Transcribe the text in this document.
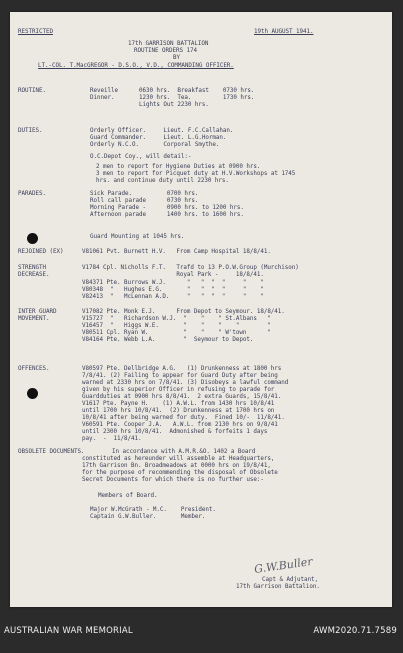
RESTRICTED	19th AUGUST 1941.
17th GARRISON BATTALION
ROUTINE ORDERS 174
BY
LT.-COL. T.MacGREGOR - D.S.O., V.D., COMMANDING OFFICER.
ROUTINE.	Reveille      0630 hrs.  Breakfast    0730 hrs.
Dinner.       1230 hrs.  Tea.         1730 hrs.
Lights Out 2230 hrs.
DUTIES.	Orderly Officer.     Lieut. F.C.Callahan.
Guard Commander.     Lieut. L.G.Horman.
Orderly N.C.O.       Corporal Smythe.
O.C.Depot Coy., will detail:-
2 men to report for Hygiene Duties at 0900 hrs.
3 men to report for Picquet duty at H.V.Workshops at 1745
hrs. and continue duty until 2230 hrs.
PARADES.	Sick Parade.          0700 hrs.
Roll call parade      0730 hrs.
Morning Parade -      0900 hrs. to 1200 hrs.
Afternoon parade      1400 hrs. to 1600 hrs.
Guard Mounting at 1045 hrs.
REJOINED (EX)	V81061 Pvt. Burnett H.V.   From Camp Hospital 18/8/41.
STRENGTH
DECREASE.
V1784 Cpl. Nicholls F.T.   Trafd to 13 P.O.W.Group (Murchison)
Royal Park -     18/8/41.
V84371 Pte. Burrows W.J.      "   "  "  "     "    "
V80348  "   Hughes E.G.       "   "  "  "     "    "
V82413  "   McLennan A.D.     "   "  "  "     "    "
INTER GUARD
MOVEMENT.
V17082 Pte. Monk E.J.      From Depot to Seymour. 18/8/41.
V15727  "   Richardson W.J.  "    "    " St.Albans   "
V16457  "   Higgs W.E.       "    "    "    "        "
V80511 Cpl. Ryan W.          "    "    " W'town      "
V84164 Pte. Webb L.A.        "  Seymour to Depot.
OFFENCES.	V80597 Pte. Dellbridge A.G.   (1) Drunkenness at 1800 hrs
7/8/41. (2) Failing to appear for Guard Duty after being
warned at 2330 hrs on 7/8/41. (3) Disobeys a lawful command
given by his superior Officer in refusing to parade for
Guardduties at 0900 hrs 8/8/41.  2 extra Guards, 15/8/41.
V1617 Pte. Payne H.    (1) A.W.L. from 1430 hrs 10/8/41
until 1700 hrs 10/8/41.  (2) Drunkenness at 1700 hrs on
10/8/41 after being warned for duty.  Fined 10/-  11/8/41.
V60591 Pte. Cooper J.A.   A.W.L. from 2130 hrs on 9/8/41
until 2300 hrs 10/8/41.  Admonished & forfeits 1 days
pay.  -  11/8/41.
OBSOLETE DOCUMENTS.	In accordance with A.M.R.&O. 1402 a Board
constituted as hereunder will assemble at Headquarters,
17th Garrison Bn. Broadmeadows at 0000 hrs on 19/8/41,
for the purpose of recommending the disposal of Obsolete
Secret Documents for which there is no further use:-
Members of Board.
Major W.McGrath - M.C.    President.
Captain G.W.Buller.       Member.
G.W.Buller
Capt & Adjutant,
17th Garrison Battalion.
AUSTRALIAN WAR MEMORIAL	AWM2020.71.7589
